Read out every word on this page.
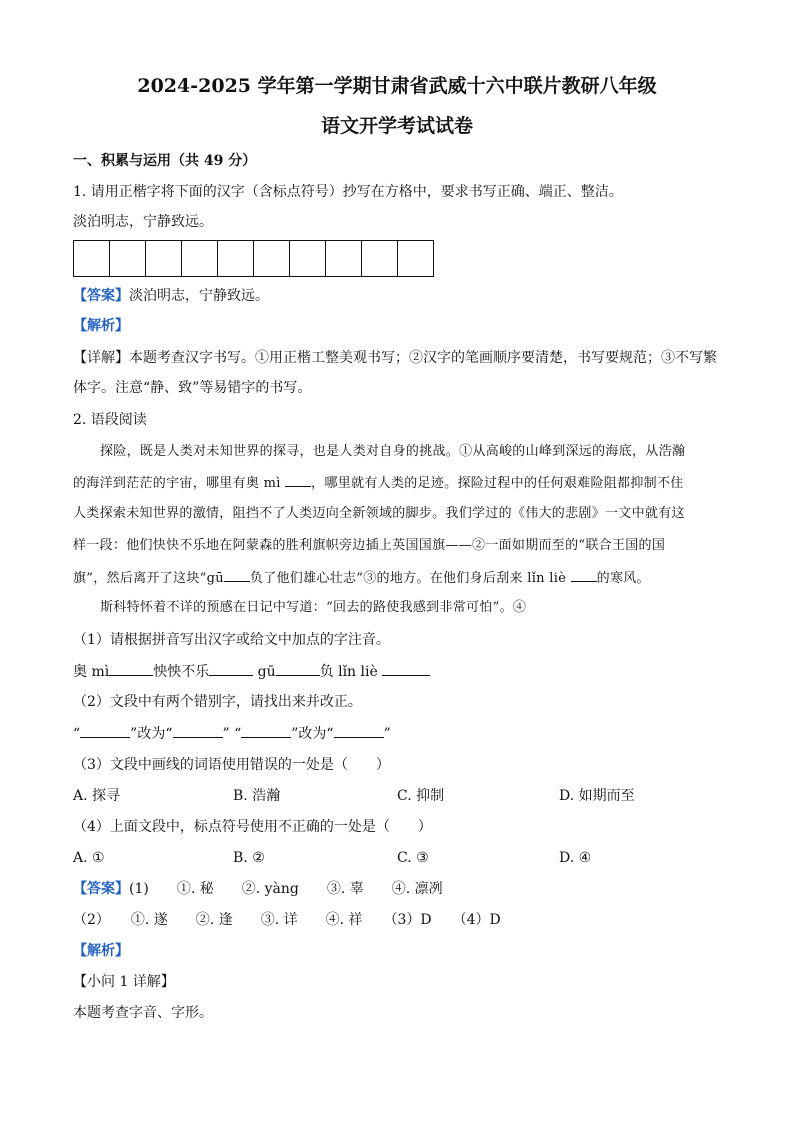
2024-2025 学年第一学期甘肃省武威十六中联片教研八年级
语文开学考试试卷
一、积累与运用（共 49 分）
1. 请用正楷字将下面的汉字（含标点符号）抄写在方格中，要求书写正确、端正、整洁。
淡泊明志，宁静致远。
【答案】淡泊明志，宁静致远。
【解析】
【详解】本题考查汉字书写。①用正楷工整美观书写；②汉字的笔画顺序要清楚，书写要规范；③不写繁
体字。注意“静、致”等易错字的书写。
2. 语段阅读
探险，既是人类对未知世界的探寻，也是人类对自身的挑战。①从高峻的山峰到深远的海底，从浩瀚
的海洋到茫茫的宇宙，哪里有奥 mì ，哪里就有人类的足迹。探险过程中的任何艰难险阻都抑制不住
人类探索未知世界的激情，阻挡不了人类迈向全新领域的脚步。我们学过的《伟大的悲剧》一文中就有这
样一段：他们快快不乐地在阿蒙森的胜利旗帜旁边插上英国国旗——②一面如期而至的“联合王国的国
旗”，然后离开了这块“gū 负了他们雄心壮志”③的地方。在他们身后刮来 lǐn liè 的寒风。
斯科特怀着不详的预感在日记中写道：“回去的路使我感到非常可怕”。④
（1）请根据拼音写出汉字或给文中加点的字注音。
奥 mì	怏怏不乐	gū	负 lǐn liè
（2）文段中有两个错别字，请找出来并改正。
“	”改为“	” “	”改为“	”
（3）文段中画线的词语使用错误的一处是（　　）
A. 探寻	B. 浩瀚	C. 抑制	D. 如期而至
（4）上面文段中，标点符号使用不正确的一处是（　　）
A. ①	B. ②	C. ③	D. ④
【答案】(1)　　①. 秘　　②. yàng　　③. 辜　　④. 凛冽
（2）　　①. 遂　　②. 逢　　③. 详　　④. 祥　　（3）D　　（4）D
【解析】
【小问 1 详解】
本题考查字音、字形。
